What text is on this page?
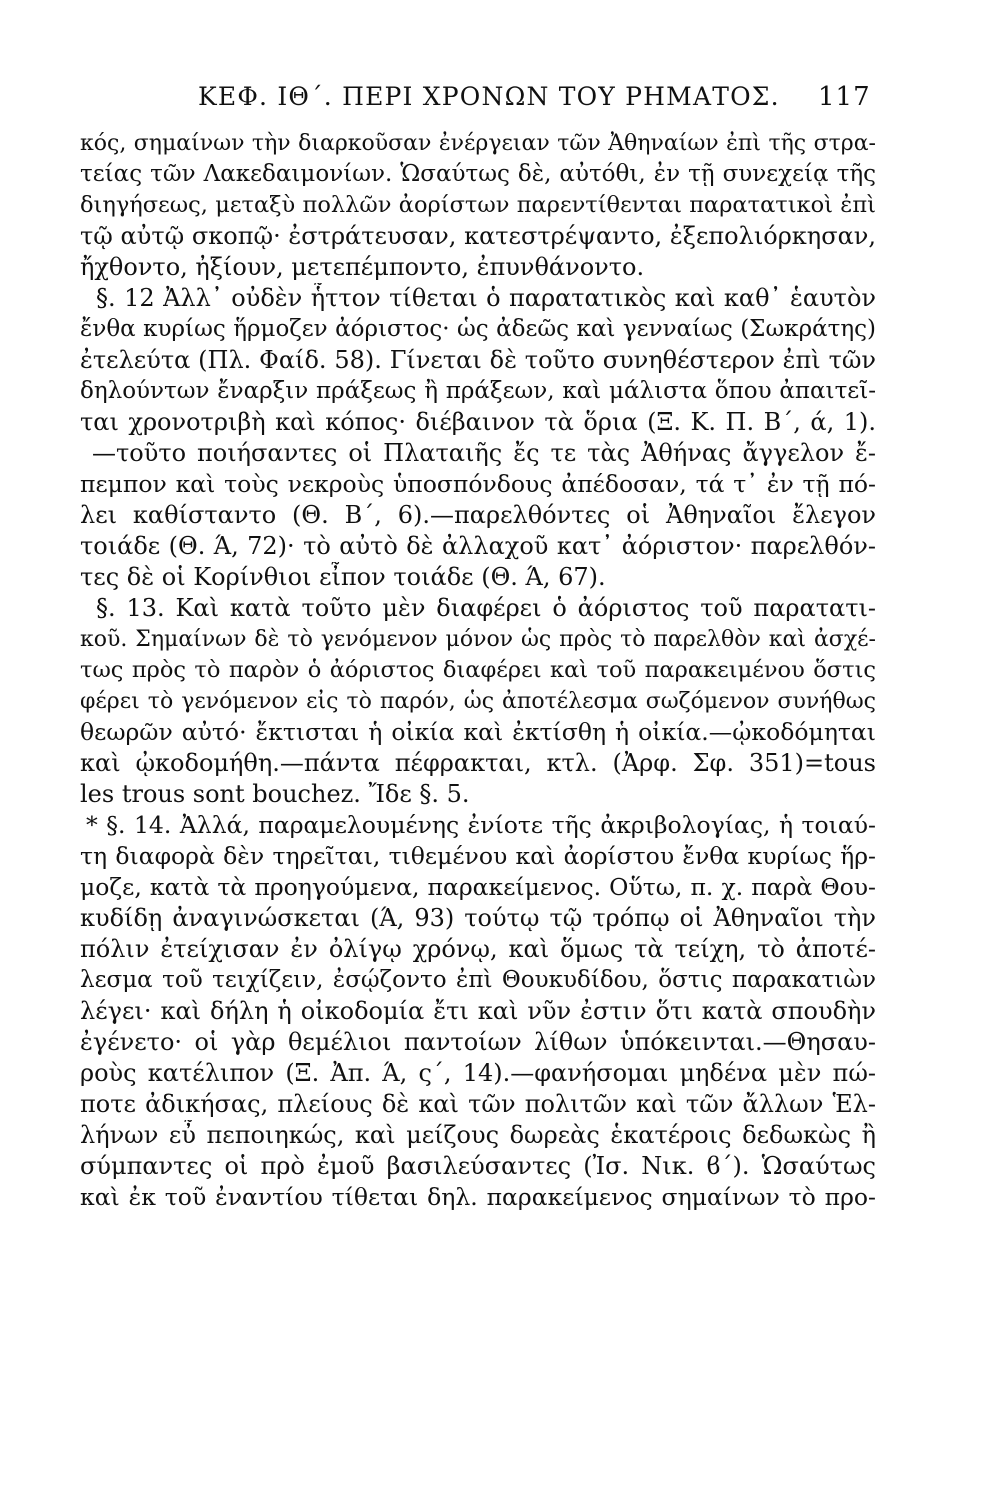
ΚΕΦ. ΙΘ΄. ΠΕΡΙ ΧΡΟΝΩΝ ΤΟΥ ΡΗΜΑΤΟΣ. 117
κός, σημαίνων τὴν διαρκοῦσαν ἐνέργειαν τῶν Ἀθηναίων ἐπὶ τῆς στρα-
τείας τῶν Λακεδαιμονίων. Ὡσαύτως δὲ, αὐτόθι, ἐν τῇ συνεχείᾳ τῆς
διηγήσεως, μεταξὺ πολλῶν ἀορίστων παρεντίθενται παρατατικοὶ ἐπὶ
τῷ αὐτῷ σκοπῷ· ἐστράτευσαν, κατεστρέψαντο, ἐξεπολιόρκησαν,
ἤχθοντο, ἠξίουν, μετεπέμποντο, ἐπυνθάνοντο.
§. 12 Ἀλλ᾽ οὐδὲν ἧττον τίθεται ὁ παρατατικὸς καὶ καθ᾽ ἑαυτὸν
ἔνθα κυρίως ἥρμοζεν ἀόριστος· ὡς ἀδεῶς καὶ γενναίως (Σωκράτης)
ἐτελεύτα (Πλ. Φαίδ. 58). Γίνεται δὲ τοῦτο συνηθέστερον ἐπὶ τῶν
δηλούντων ἔναρξιν πράξεως ἢ πράξεων, καὶ μάλιστα ὅπου ἀπαιτεῖ-
ται χρονοτριβὴ καὶ κόπος· διέβαινον τὰ ὅρια (Ξ. Κ. Π. Β΄, ά, 1).
—τοῦτο ποιήσαντες οἱ Πλαταιῆς ἔς τε τὰς Ἀθήνας ἄγγελον ἔ-
πεμπον καὶ τοὺς νεκροὺς ὑποσπόνδους ἀπέδοσαν, τά τ᾽ ἐν τῇ πό-
λει καθίσταντο (Θ. Β΄, 6).—παρελθόντες οἱ Ἀθηναῖοι ἔλεγον
τοιάδε (Θ. Ά, 72)· τὸ αὐτὸ δὲ ἀλλαχοῦ κατ᾽ ἀόριστον· παρελθόν-
τες δὲ οἱ Κορίνθιοι εἶπον τοιάδε (Θ. Ά, 67).
§. 13. Καὶ κατὰ τοῦτο μὲν διαφέρει ὁ ἀόριστος τοῦ παρατατι-
κοῦ. Σημαίνων δὲ τὸ γενόμενον μόνον ὡς πρὸς τὸ παρελθὸν καὶ ἀσχέ-
τως πρὸς τὸ παρὸν ὁ ἀόριστος διαφέρει καὶ τοῦ παρακειμένου ὅστις
φέρει τὸ γενόμενον εἰς τὸ παρόν, ὡς ἀποτέλεσμα σωζόμενον συνήθως
θεωρῶν αὐτό· ἔκτισται ἡ οἰκία καὶ ἐκτίσθη ἡ οἰκία.—ᾠκοδόμηται
καὶ ᾠκοδομήθη.—πάντα πέφρακται, κτλ. (Ἀρφ. Σφ. 351)=tous
les trous sont bouchez. Ἴδε §. 5.
* §. 14. Ἀλλά, παραμελουμένης ἐνίοτε τῆς ἀκριβολογίας, ἡ τοιαύ-
τη διαφορὰ δὲν τηρεῖται, τιθεμένου καὶ ἀορίστου ἔνθα κυρίως ἥρ-
μοζε, κατὰ τὰ προηγούμενα, παρακείμενος. Οὕτω, π. χ. παρὰ Θου-
κυδίδῃ ἀναγινώσκεται (Ά, 93) τούτῳ τῷ τρόπῳ οἱ Ἀθηναῖοι τὴν
πόλιν ἐτείχισαν ἐν ὀλίγῳ χρόνῳ, καὶ ὅμως τὰ τείχη, τὸ ἀποτέ-
λεσμα τοῦ τειχίζειν, ἐσῴζοντο ἐπὶ Θουκυδίδου, ὅστις παρακατιὼν
λέγει· καὶ δήλη ἡ οἰκοδομία ἔτι καὶ νῦν ἐστιν ὅτι κατὰ σπουδὴν
ἐγένετο· οἱ γὰρ θεμέλιοι παντοίων λίθων ὑπόκεινται.—Θησαυ-
ροὺς κατέλιπον (Ξ. Ἀπ. Ά, ς΄, 14).—φανήσομαι μηδένα μὲν πώ-
ποτε ἀδικήσας, πλείους δὲ καὶ τῶν πολιτῶν καὶ τῶν ἄλλων Ἑλ-
λήνων εὖ πεποιηκώς, καὶ μείζους δωρεὰς ἑκατέροις δεδωκὼς ἢ
σύμπαντες οἱ πρὸ ἐμοῦ βασιλεύσαντες (Ἰσ. Νικ. ϐ΄). Ὡσαύτως
καὶ ἐκ τοῦ ἐναντίου τίθεται δηλ. παρακείμενος σημαίνων τὸ προ-
